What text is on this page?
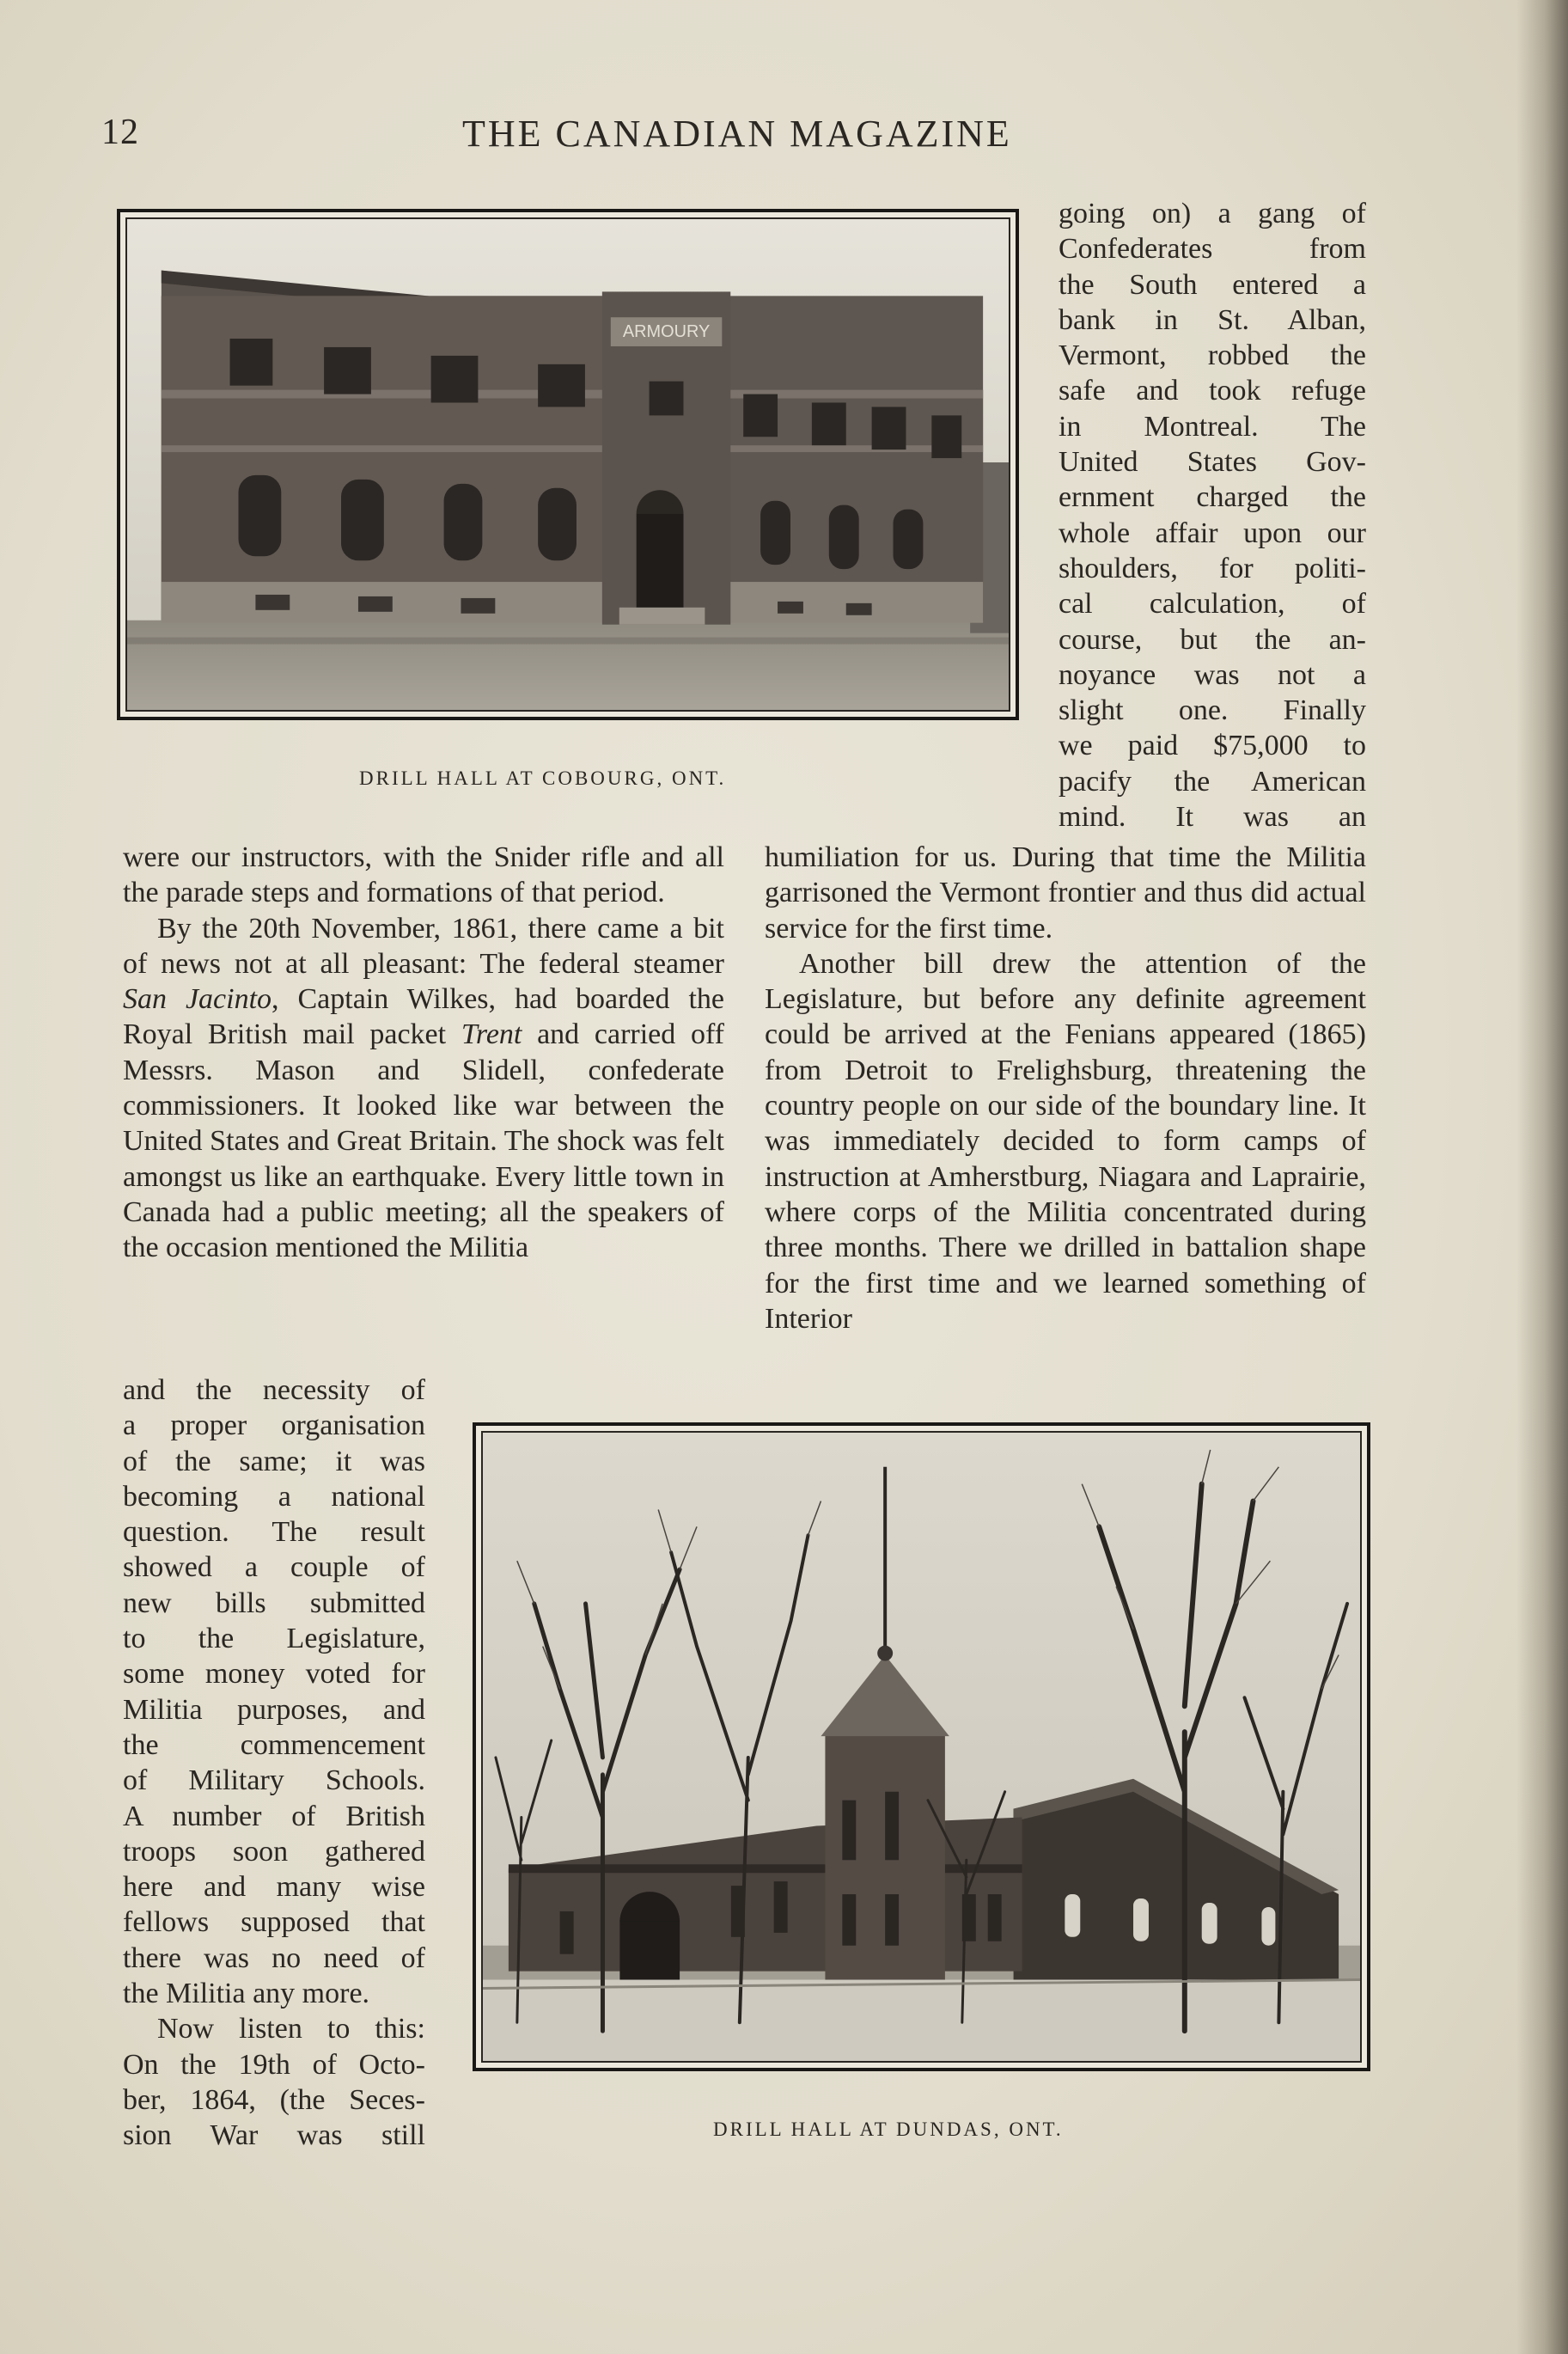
12	THE CANADIAN MAGAZINE
ARMOURY
DRILL HALL AT COBOURG, ONT.
going on) a gang of
Confederates from
the South entered a
bank in St. Alban,
Vermont, robbed the
safe and took refuge
in Montreal. The
United States Gov-
ernment charged the
whole affair upon our
shoulders, for politi-
cal calculation, of
course, but the an-
noyance was not a
slight one. Finally
we paid $75,000 to
pacify the American
mind. It was an

were our instructors, with the Snider rifle and all the parade steps and formations of that period.

By the 20th November, 1861, there came a bit of news not at all pleasant: The federal steamer San Jacinto, Captain Wilkes, had boarded the Royal British mail packet Trent and carried off Messrs. Mason and Slidell, confederate commissioners. It looked like war between the United States and Great Britain. The shock was felt amongst us like an earthquake. Every little town in Canada had a public meeting; all the speakers of the occasion mentioned the Militia

and the necessity of
a proper organisation
of the same; it was
becoming a national
question. The result
showed a couple of
new bills submitted
to the Legislature,
some money voted for
Militia purposes, and
the commencement
of Military Schools.
A number of British
troops soon gathered
here and many wise
fellows supposed that
there was no need of
the Militia any more.
Now listen to this:
On the 19th of Octo-
ber, 1864, (the Seces-
sion War was still

humiliation for us. During that time the Militia garrisoned the Vermont frontier and thus did actual service for the first time.

Another bill drew the attention of the Legislature, but before any definite agreement could be arrived at the Fenians appeared (1865) from Detroit to Frelighsburg, threatening the country people on our side of the boundary line. It was immediately decided to form camps of instruction at Amherstburg, Niagara and Laprairie, where corps of the Militia concentrated during three months. There we drilled in battalion shape for the first time and we learned something of Interior

DRILL HALL AT DUNDAS, ONT.
